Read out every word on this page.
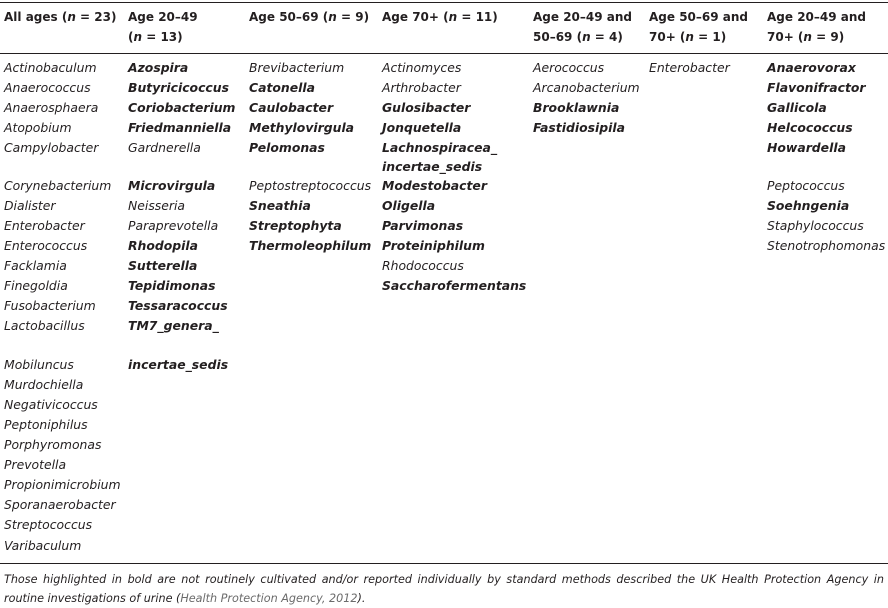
All ages (n = 23) Age 20–49
(n = 13)
Age 50–69 (n = 9) Age 70+ (n = 11)	Age 20–49 and
50–69 (n = 4)
Age 50–69 and
70+ (n = 1)
Age 20–49 and
70+ (n = 9)
Actinobaculum
Anaerococcus
Anaerosphaera
Atopobium
Campylobacter
Corynebacterium
Dialister
Enterobacter
Enterococcus
Facklamia
Finegoldia
Fusobacterium
Lactobacillus
Mobiluncus
Murdochiella
Negativicoccus
Peptoniphilus
Porphyromonas
Prevotella
Propionimicrobium
Sporanaerobacter
Streptococcus
Varibaculum
Azospira
Butyricicoccus
Coriobacterium
Friedmanniella
Gardnerella
Microvirgula
Neisseria
Paraprevotella
Rhodopila
Sutterella
Tepidimonas
Tessaracoccus
TM7_genera_
incertae_sedis
Brevibacterium
Catonella
Caulobacter
Methylovirgula
Pelomonas
Peptostreptococcus
Sneathia
Streptophyta
Thermoleophilum
Actinomyces
Arthrobacter
Gulosibacter
Jonquetella
Lachnospiracea_
incertae_sedis
Modestobacter
Oligella
Parvimonas
Proteiniphilum
Rhodococcus
Saccharofermentans
Aerococcus
Arcanobacterium
Brooklawnia
Fastidiosipila
Enterobacter	Anaerovorax
Flavonifractor
Gallicola
Helcococcus
Howardella
Peptococcus
Soehngenia
Staphylococcus
Stenotrophomonas
Those highlighted in bold are not routinely cultivated and/or reported individually by standard methods described the UK Health Protection Agency in routine investigations of urine (Health Protection Agency, 2012).
